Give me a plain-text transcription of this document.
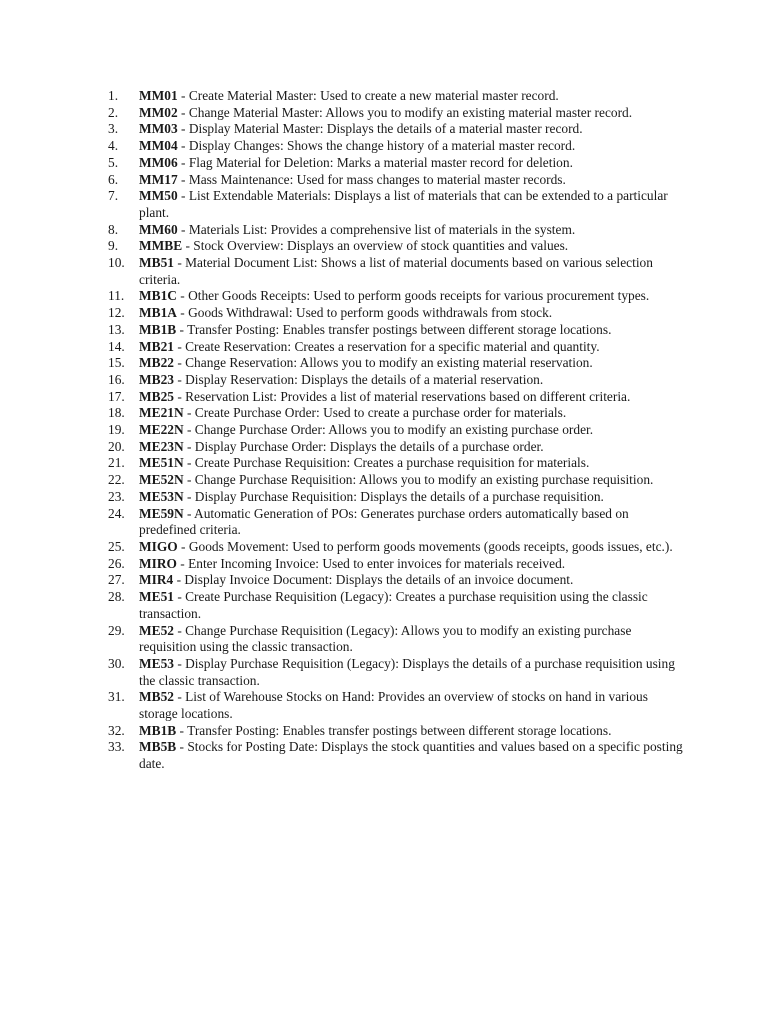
1.	MM01 - Create Material Master: Used to create a new material master record.
2.	MM02 - Change Material Master: Allows you to modify an existing material master record.
3.	MM03 - Display Material Master: Displays the details of a material master record.
4.	MM04 - Display Changes: Shows the change history of a material master record.
5.	MM06 - Flag Material for Deletion: Marks a material master record for deletion.
6.	MM17 - Mass Maintenance: Used for mass changes to material master records.
7.	MM50 - List Extendable Materials: Displays a list of materials that can be extended to a particular plant.
8.	MM60 - Materials List: Provides a comprehensive list of materials in the system.
9.	MMBE - Stock Overview: Displays an overview of stock quantities and values.
10.	MB51 - Material Document List: Shows a list of material documents based on various selection criteria.
11.	MB1C - Other Goods Receipts: Used to perform goods receipts for various procurement types.
12.	MB1A - Goods Withdrawal: Used to perform goods withdrawals from stock.
13.	MB1B - Transfer Posting: Enables transfer postings between different storage locations.
14.	MB21 - Create Reservation: Creates a reservation for a specific material and quantity.
15.	MB22 - Change Reservation: Allows you to modify an existing material reservation.
16.	MB23 - Display Reservation: Displays the details of a material reservation.
17.	MB25 - Reservation List: Provides a list of material reservations based on different criteria.
18.	ME21N - Create Purchase Order: Used to create a purchase order for materials.
19.	ME22N - Change Purchase Order: Allows you to modify an existing purchase order.
20.	ME23N - Display Purchase Order: Displays the details of a purchase order.
21.	ME51N - Create Purchase Requisition: Creates a purchase requisition for materials.
22.	ME52N - Change Purchase Requisition: Allows you to modify an existing purchase requisition.
23.	ME53N - Display Purchase Requisition: Displays the details of a purchase requisition.
24.	ME59N - Automatic Generation of POs: Generates purchase orders automatically based on predefined criteria.
25.	MIGO - Goods Movement: Used to perform goods movements (goods receipts, goods issues, etc.).
26.	MIRO - Enter Incoming Invoice: Used to enter invoices for materials received.
27.	MIR4 - Display Invoice Document: Displays the details of an invoice document.
28.	ME51 - Create Purchase Requisition (Legacy): Creates a purchase requisition using the classic transaction.
29.	ME52 - Change Purchase Requisition (Legacy): Allows you to modify an existing purchase requisition using the classic transaction.
30.	ME53 - Display Purchase Requisition (Legacy): Displays the details of a purchase requisition using the classic transaction.
31.	MB52 - List of Warehouse Stocks on Hand: Provides an overview of stocks on hand in various storage locations.
32.	MB1B - Transfer Posting: Enables transfer postings between different storage locations.
33.	MB5B - Stocks for Posting Date: Displays the stock quantities and values based on a specific posting date.
